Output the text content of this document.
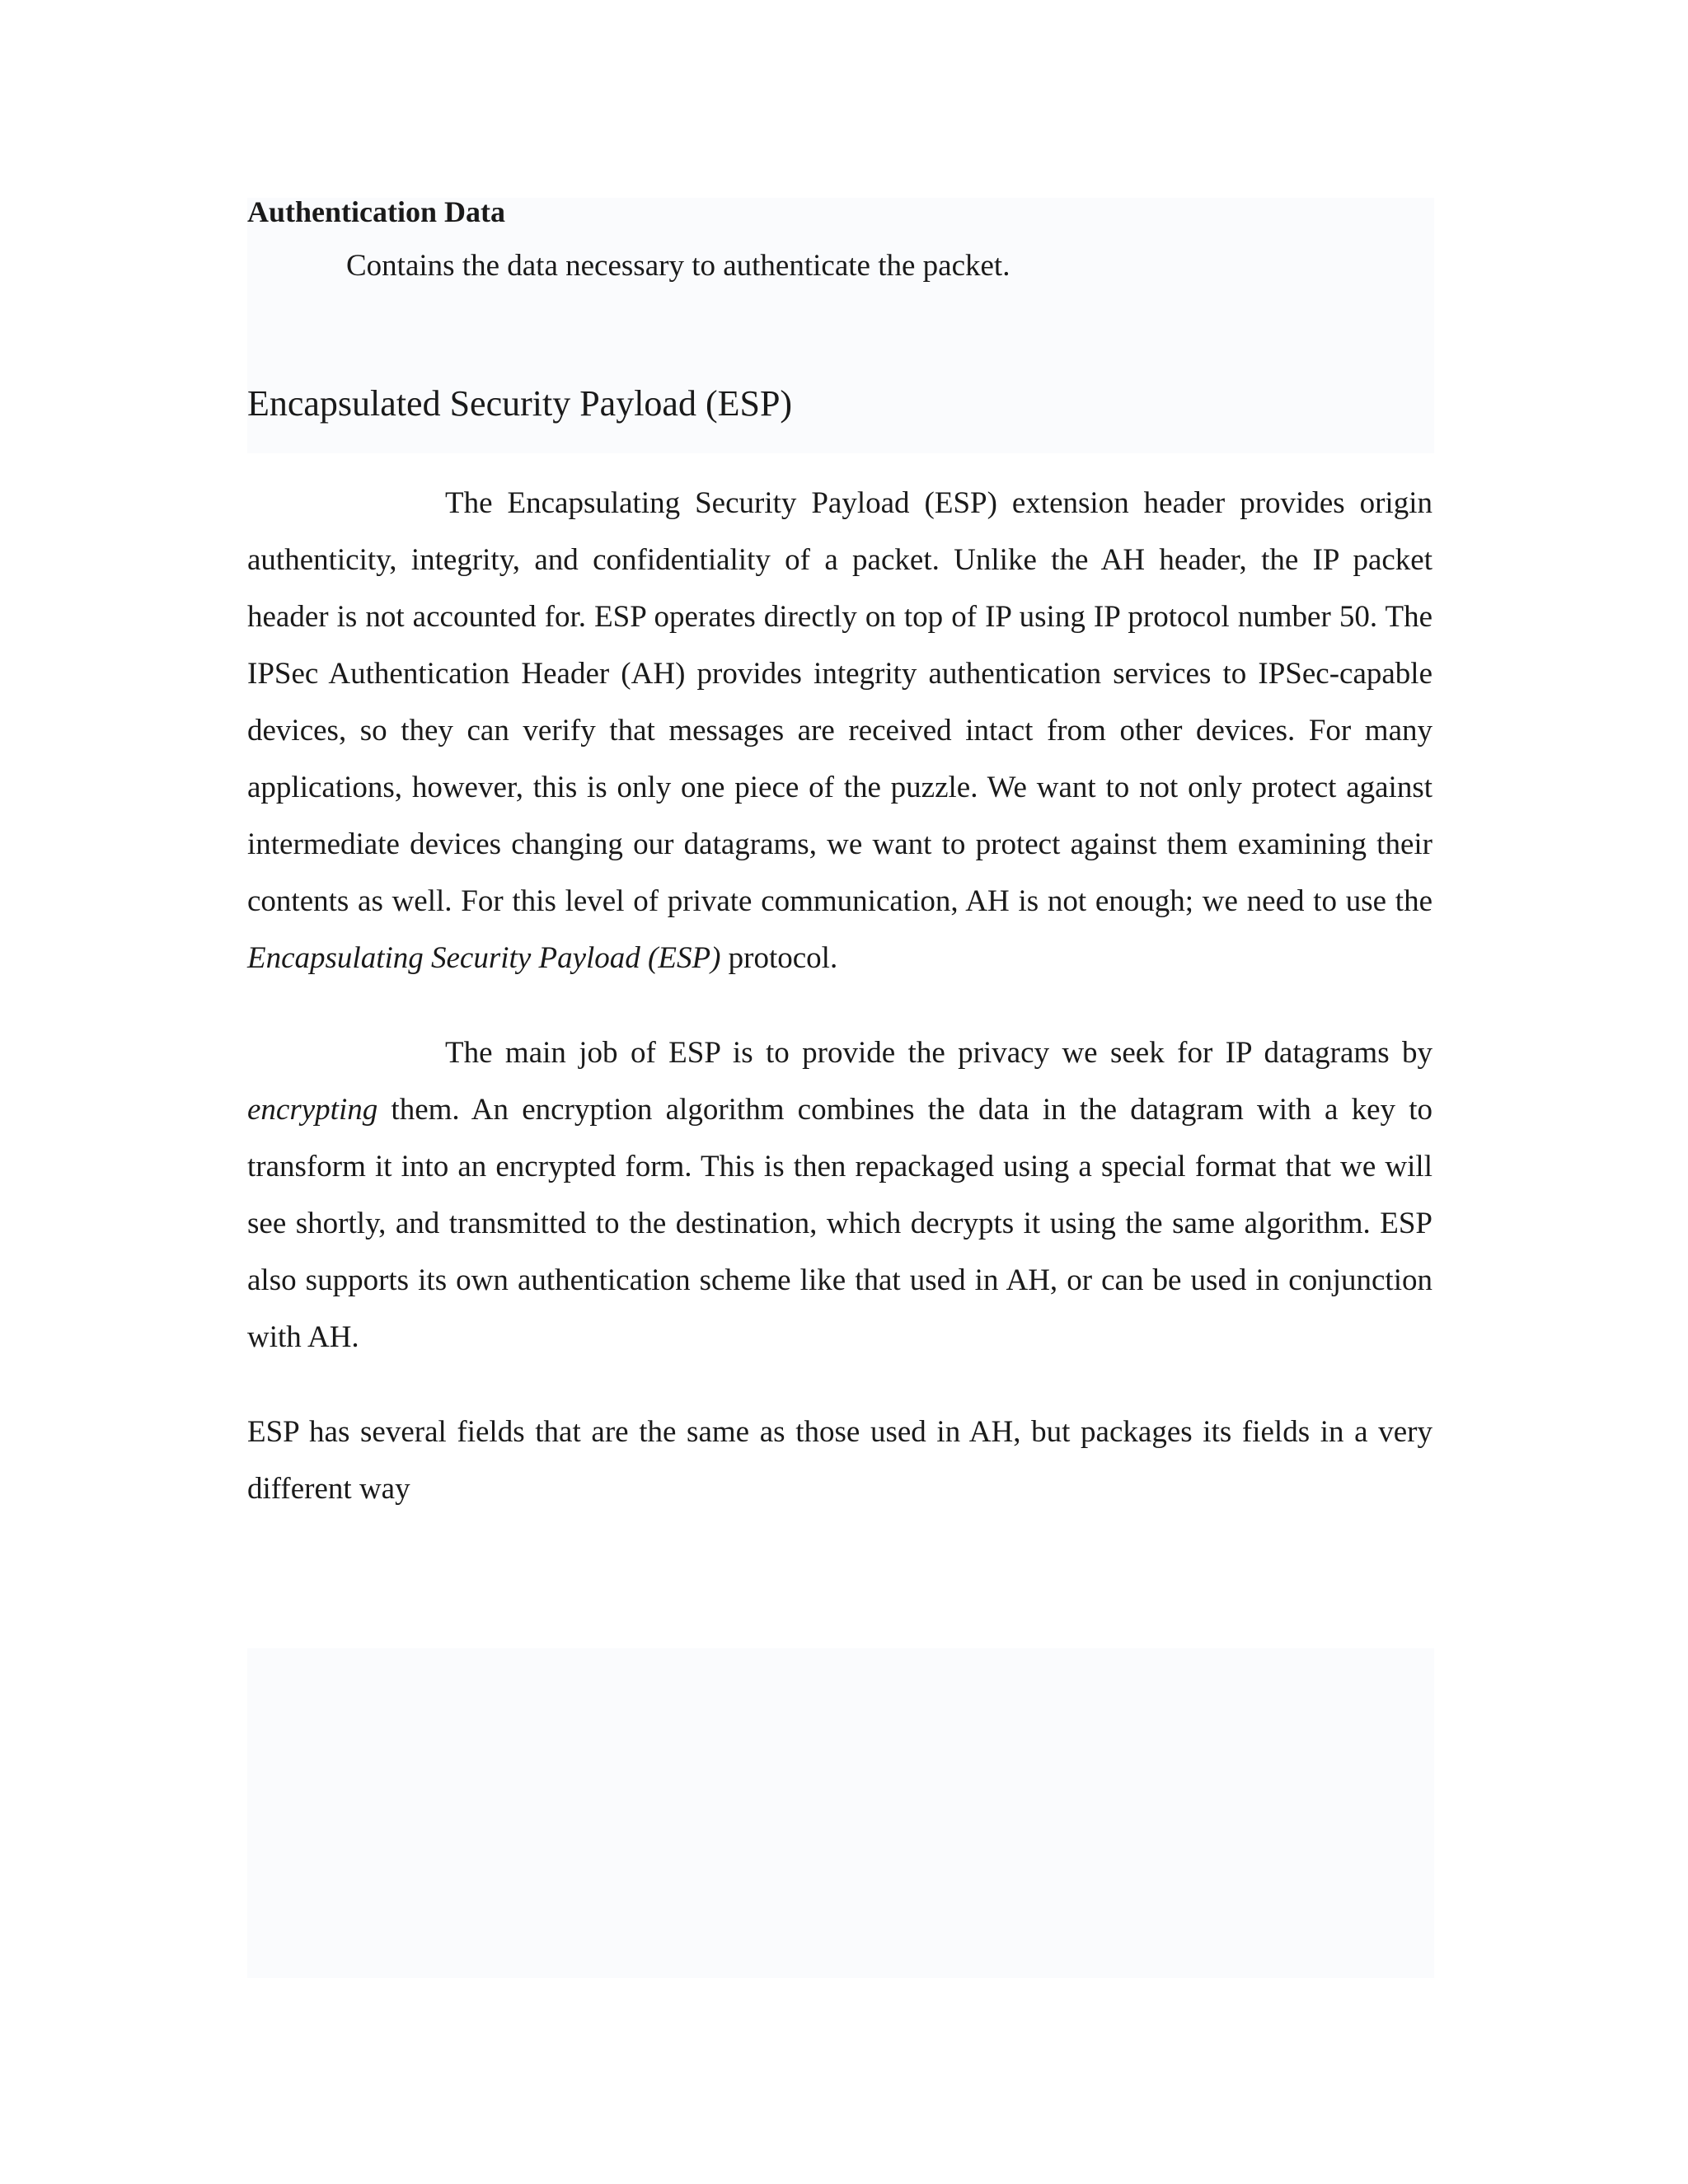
Authentication Data

Contains the data necessary to authenticate the packet.

Encapsulated Security Payload (ESP)

The Encapsulating Security Payload (ESP) extension header provides origin authenticity, integrity, and confidentiality of a packet. Unlike the AH header, the IP packet header is not accounted for. ESP operates directly on top of IP using IP protocol number 50. The IPSec Authentication Header (AH) provides integrity authentication services to IPSec-capable devices, so they can verify that messages are received intact from other devices. For many applications, however, this is only one piece of the puzzle. We want to not only protect against intermediate devices changing our datagrams, we want to protect against them examining their contents as well. For this level of private communication, AH is not enough; we need to use the Encapsulating Security Payload (ESP) protocol.

The main job of ESP is to provide the privacy we seek for IP datagrams by encrypting them. An encryption algorithm combines the data in the datagram with a key to transform it into an encrypted form. This is then repackaged using a special format that we will see shortly, and transmitted to the destination, which decrypts it using the same algorithm. ESP also supports its own authentication scheme like that used in AH, or can be used in conjunction with AH.

ESP has several fields that are the same as those used in AH, but packages its fields in a very different way
